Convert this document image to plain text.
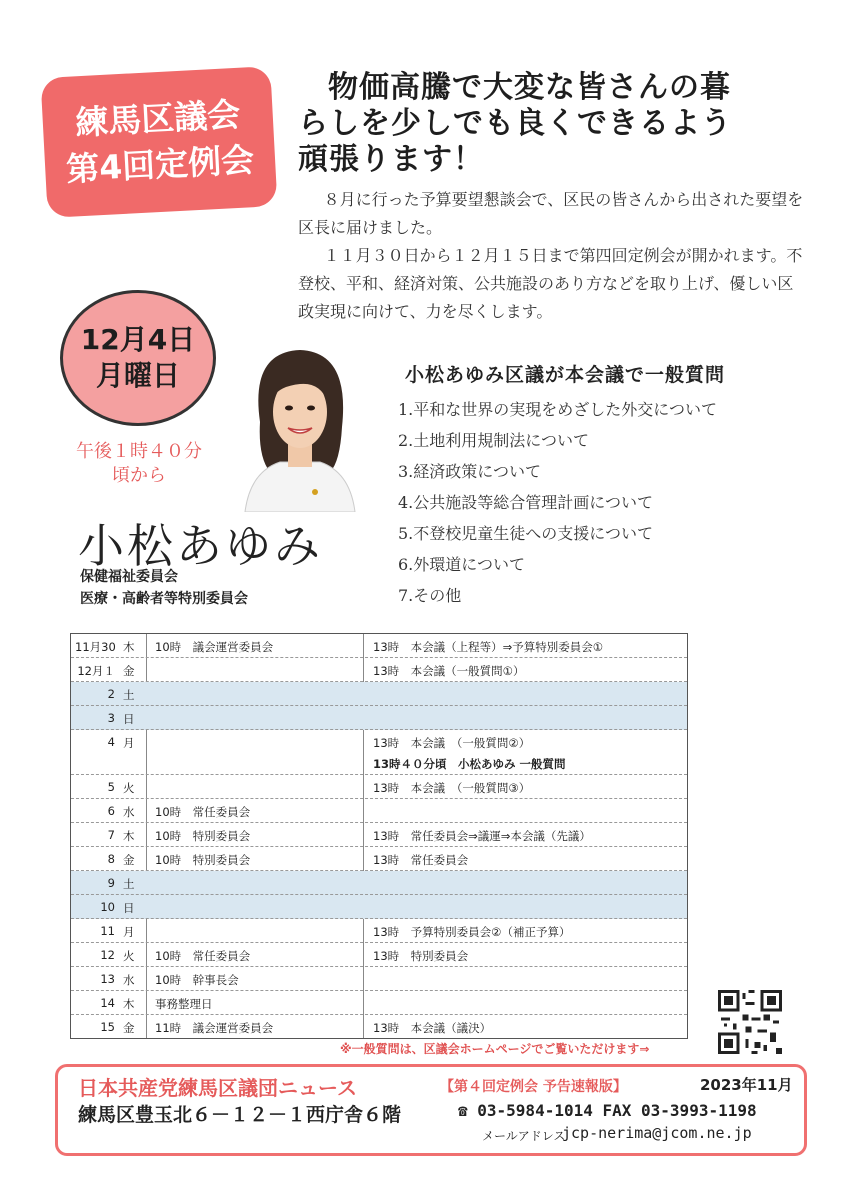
練馬区議会
第4回定例会
物価高騰で大変な皆さんの暮
らしを少しでも良くできるよう
頑張ります！

８月に行った予算要望懇談会で、区民の皆さんから出された要望を区長に届けました。

１１月３０日から１２月１５日まで第四回定例会が開かれます。不登校、平和、経済対策、公共施設のあり方などを取り上げ、優しい区政実現に向けて、力を尽くします。

12月4日
月曜日
午後１時４０分
頃から
小松あゆみ
保健福祉委員会
医療・高齢者等特別委員会
小松あゆみ区議が本会議で一般質問
1.平和な世界の実現をめざした外交について
2.土地利用規制法について
3.経済政策について
4.公共施設等総合管理計画について
5.不登校児童生徒への支援について
6.外環道について
7.その他
11月30 木 10時　議会運営委員会	13時　本会議（上程等）⇒予算特別委員会①
12月１ 金	13時　本会議（一般質問①）
2 土
3 日
4 月	13時　本会議　（一般質問②）
13時４０分頃　小松あゆみ 一般質問
5 火	13時　本会議　（一般質問③）
6 水 10時　常任委員会
7 木 10時　特別委員会	13時　常任委員会⇒議運⇒本会議（先議）
8 金 10時　特別委員会	13時　常任委員会
9 土
10 日
11 月	13時　予算特別委員会②（補正予算）
12 火 10時　常任委員会	13時　特別委員会
13 水 10時　幹事長会
14 木 事務整理日
15 金 11時　議会運営委員会	13時　本会議（議決）
※一般質問は、区議会ホームページでご覧いただけます⇒
日本共産党練馬区議団ニュース	【第４回定例会 予告速報版】	2023年11月
練馬区豊玉北６－１２－１西庁舎６階	☎ 03-5984-1014 FAX 03-3993-1198
メールアドレス
jcp-nerima@jcom.ne.jp
